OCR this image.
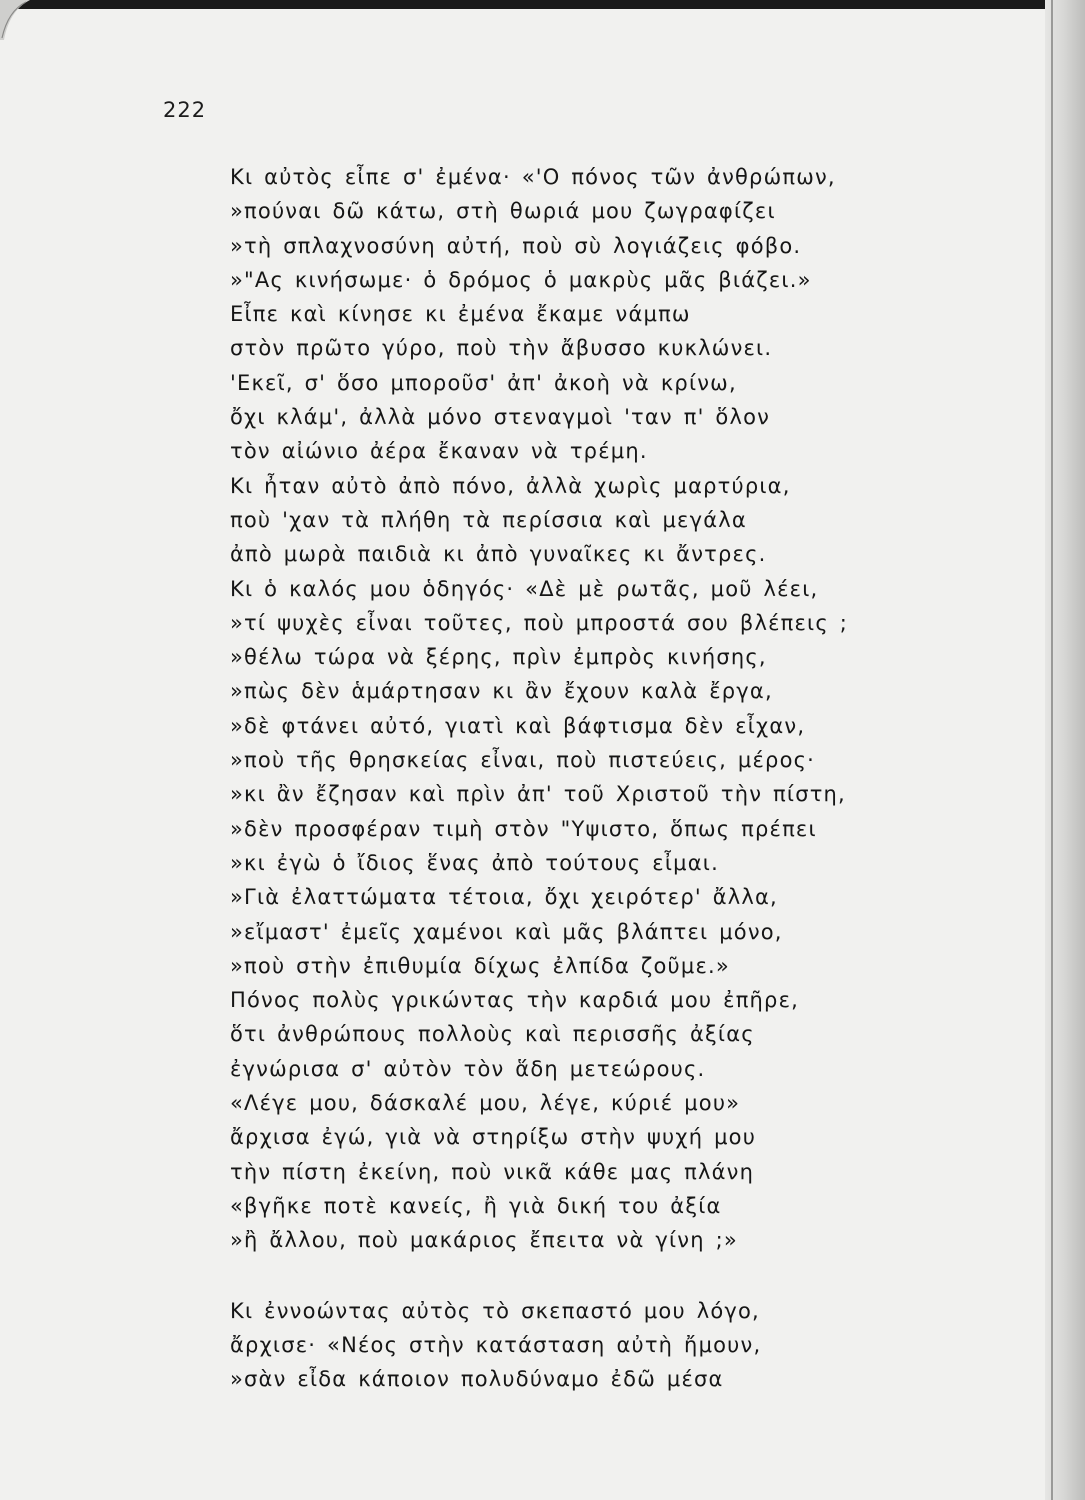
222
Κι αὐτὸς εἶπε σ' ἐμένα· «'Ο πόνος τῶν ἀνθρώπων,
»πούναι δῶ κάτω, στὴ θωριά μου ζωγραφίζει
»τὴ σπλαχνοσύνη αὐτή, ποὺ σὺ λογιάζεις φόβο.
»"Ας κινήσωμε· ὁ δρόμος ὁ μακρὺς μᾶς βιάζει.»
Εἶπε καὶ κίνησε κι ἐμένα ἔκαμε νάμπω
στὸν πρῶτο γύρο, ποὺ τὴν ἄβυσσο κυκλώνει.
'Εκεῖ, σ' ὅσο μποροῦσ' ἀπ' ἀκοὴ νὰ κρίνω,
ὄχι κλάμ', ἀλλὰ μόνο στεναγμοὶ 'ταν π' ὅλον
τὸν αἰώνιο ἀέρα ἔκαναν νὰ τρέμη.
Κι ἦταν αὐτὸ ἀπὸ πόνο, ἀλλὰ χωρὶς μαρτύρια,
ποὺ 'χαν τὰ πλήθη τὰ περίσσια καὶ μεγάλα
ἀπὸ μωρὰ παιδιὰ κι ἀπὸ γυναῖκες κι ἄντρες.
Κι ὁ καλός μου ὁδηγός· «Δὲ μὲ ρωτᾶς, μοῦ λέει,
»τί ψυχὲς εἶναι τοῦτες, ποὺ μπροστά σου βλέπεις ;
»θέλω τώρα νὰ ξέρης, πρὶν ἐμπρὸς κινήσης,
»πὼς δὲν ἁμάρτησαν κι ἂν ἔχουν καλὰ ἔργα,
»δὲ φτάνει αὐτό, γιατὶ καὶ βάφτισμα δὲν εἶχαν,
»ποὺ τῆς θρησκείας εἶναι, ποὺ πιστεύεις, μέρος·
»κι ἂν ἔζησαν καὶ πρὶν ἀπ' τοῦ Χριστοῦ τὴν πίστη,
»δὲν προσφέραν τιμὴ στὸν "Υψιστο, ὅπως πρέπει
»κι ἐγὼ ὁ ἴδιος ἕνας ἀπὸ τούτους εἶμαι.
»Γιὰ ἐλαττώματα τέτοια, ὄχι χειρότερ' ἄλλα,
»εἴμαστ' ἐμεῖς χαμένοι καὶ μᾶς βλάπτει μόνο,
»ποὺ στὴν ἐπιθυμία δίχως ἐλπίδα ζοῦμε.»
Πόνος πολὺς γρικώντας τὴν καρδιά μου ἐπῆρε,
ὅτι ἀνθρώπους πολλοὺς καὶ περισσῆς ἀξίας
ἐγνώρισα σ' αὐτὸν τὸν ἅδη μετεώρους.
«Λέγε μου, δάσκαλέ μου, λέγε, κύριέ μου»
ἄρχισα ἐγώ, γιὰ νὰ στηρίξω στὴν ψυχή μου
τὴν πίστη ἐκείνη, ποὺ νικᾶ κάθε μας πλάνη
«βγῆκε ποτὲ κανείς, ἢ γιὰ δική του ἀξία
»ἢ ἄλλου, ποὺ μακάριος ἔπειτα νὰ γίνη ;»
Κι ἐννοώντας αὐτὸς τὸ σκεπαστό μου λόγο,
ἄρχισε· «Νέος στὴν κατάσταση αὐτὴ ἤμουν,
»σὰν εἶδα κάποιον πολυδύναμο ἐδῶ μέσα
